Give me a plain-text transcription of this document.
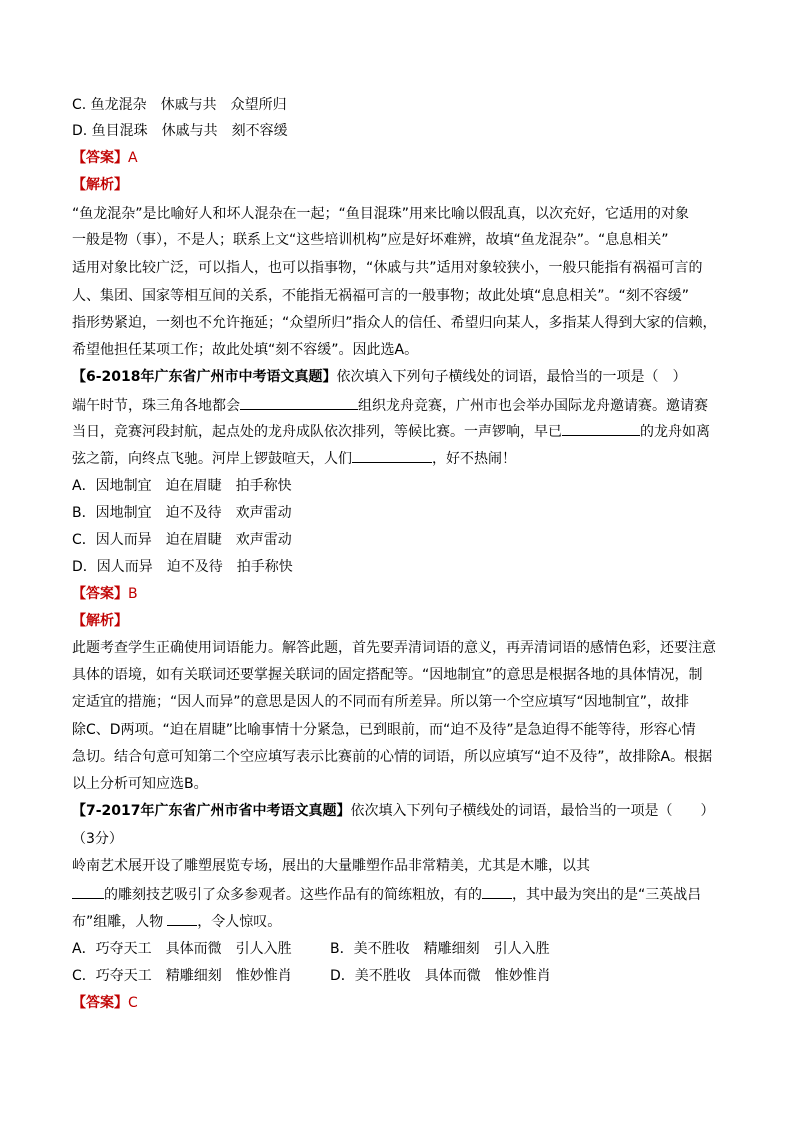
C. 鱼龙混杂　休戚与共　众望所归
D. 鱼目混珠　休戚与共　刻不容缓
【答案】A
【解析】
“鱼龙混杂”是比喻好人和坏人混杂在一起；“鱼目混珠”用来比喻以假乱真，以次充好，它适用的对象
一般是物（事），不是人；联系上文“这些培训机构”应是好坏难辨，故填“鱼龙混杂”。“息息相关”
适用对象比较广泛，可以指人，也可以指事物，“休戚与共”适用对象较狭小，一般只能指有祸福可言的
人、集团、国家等相互间的关系，不能指无祸福可言的一般事物；故此处填“息息相关”。“刻不容缓”
指形势紧迫，一刻也不允许拖延；“众望所归”指众人的信任、希望归向某人，多指某人得到大家的信赖，
希望他担任某项工作；故此处填“刻不容缓”。因此选A。
【6-2018年广东省广州市中考语文真题】依次填入下列句子横线处的词语，最恰当的一项是（　）
端午时节，珠三角各地都会	组织龙舟竞赛，广州市也会举办国际龙舟邀请赛。邀请赛
当日，竞赛河段封航，起点处的龙舟成队依次排列，等候比赛。一声锣响，早已	的龙舟如离
弦之箭，向终点飞驰。河岸上锣鼓喧天，人们	，好不热闹！
A．因地制宜　迫在眉睫　拍手称快
B．因地制宜　迫不及待　欢声雷动
C．因人而异　迫在眉睫　欢声雷动
D．因人而异　迫不及待　拍手称快
【答案】B
【解析】
此题考查学生正确使用词语能力。解答此题，首先要弄清词语的意义，再弄清词语的感情色彩，还要注意
具体的语境，如有关联词还要掌握关联词的固定搭配等。“因地制宜”的意思是根据各地的具体情况，制
定适宜的措施；“因人而异”的意思是因人的不同而有所差异。所以第一个空应填写“因地制宜”，故排
除C、D两项。“迫在眉睫”比喻事情十分紧急，已到眼前，而“迫不及待”是急迫得不能等待，形容心情
急切。结合句意可知第二个空应填写表示比赛前的心情的词语，所以应填写“迫不及待”，故排除A。根据
以上分析可知应选B。
【7-2017年广东省广州市省中考语文真题】依次填入下列句子横线处的词语，最恰当的一项是（　　）
（3分）
岭南艺术展开设了雕塑展览专场，展出的大量雕塑作品非常精美，尤其是木雕，以其
的雕刻技艺吸引了众多参观者。这些作品有的简练粗放，有的 ，其中最为突出的是“三英战吕
布”组雕，人物 ，令人惊叹。
A．巧夺天工　具体而微　引人入胜	B．美不胜收　精雕细刻　引人入胜
C．巧夺天工　精雕细刻　惟妙惟肖	D．美不胜收　具体而微　惟妙惟肖
【答案】C
